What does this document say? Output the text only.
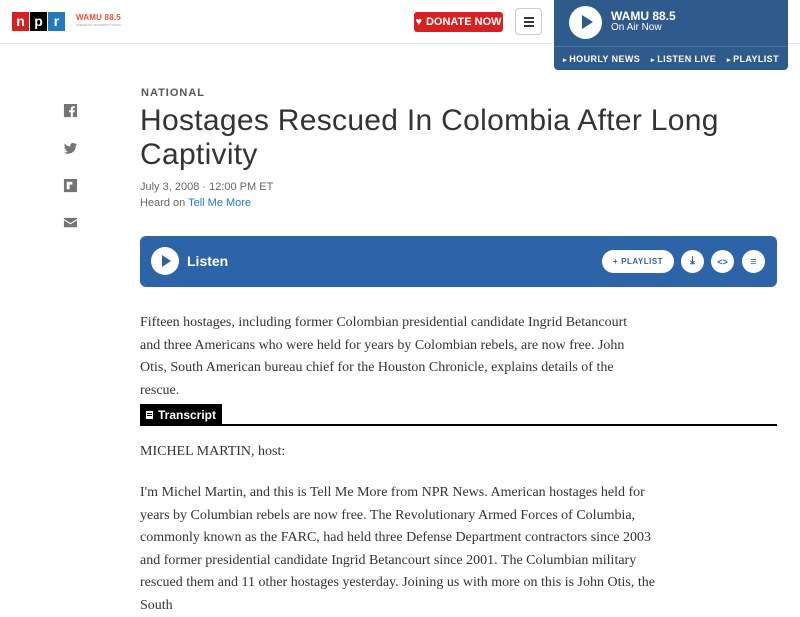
n p r	WAMU 88.5
AMERICAN UNIVERSITY RADIO	♥ DONATE NOW	WAMU 88.5
On Air Now
▸ HOURLY NEWS	▸ LISTEN LIVE	▸ PLAYLIST
NATIONAL
Hostages Rescued In Colombia After Long Captivity
July 3, 2008 · 12:00 PM ET
Heard on Tell Me More
Listen	+ PLAYLIST ⤓ <> ≡

Fifteen hostages, including former Colombian presidential candidate Ingrid Betancourt and three Americans who were held for years by Colombian rebels, are now free. John Otis, South American bureau chief for the Houston Chronicle, explains details of the rescue.

Transcript

MICHEL MARTIN, host:

I'm Michel Martin, and this is Tell Me More from NPR News. American hostages held for years by Columbian rebels are now free. The Revolutionary Armed Forces of Columbia, commonly known as the FARC, had held three Defense Department contractors since 2003 and former presidential candidate Ingrid Betancourt since 2001. The Columbian military rescued them and 11 other hostages yesterday. Joining us with more on this is John Otis, the South
